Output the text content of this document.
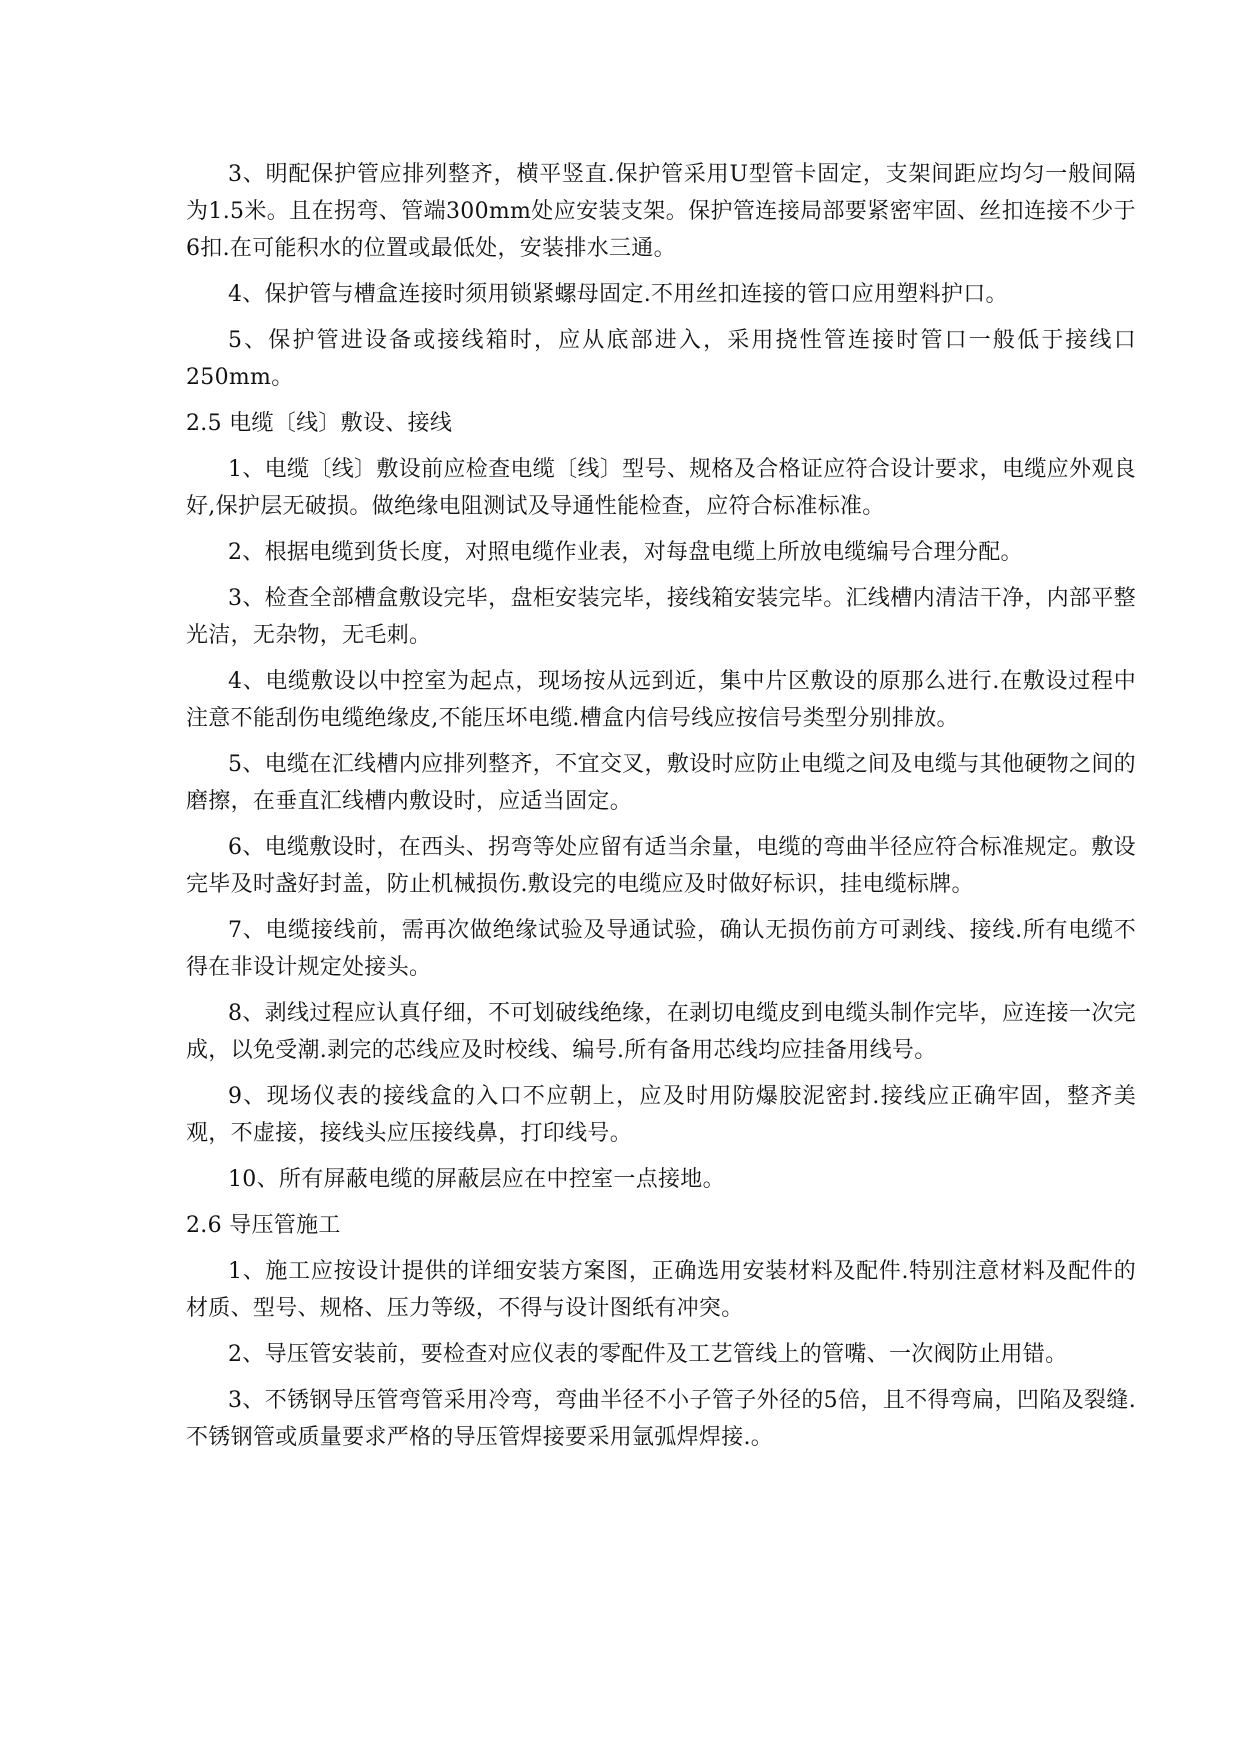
3、明配保护管应排列整齐，横平竖直.保护管采用U型管卡固定，支架间距应均匀一般间隔为1.5米。且在拐弯、管端300mm处应安装支架。保护管连接局部要紧密牢固、丝扣连接不少于6扣.在可能积水的位置或最低处，安装排水三通。

4、保护管与槽盒连接时须用锁紧螺母固定.不用丝扣连接的管口应用塑料护口。

5、保护管进设备或接线箱时，应从底部进入，采用挠性管连接时管口一般低于接线口250mm。

2.5 电缆〔线〕敷设、接线

1、电缆〔线〕敷设前应检查电缆〔线〕型号、规格及合格证应符合设计要求，电缆应外观良好,保护层无破损。做绝缘电阻测试及导通性能检查，应符合标准标准。

2、根据电缆到货长度，对照电缆作业表，对每盘电缆上所放电缆编号合理分配。

3、检查全部槽盒敷设完毕，盘柜安装完毕，接线箱安装完毕。汇线槽内清洁干净，内部平整光洁，无杂物，无毛刺。

4、电缆敷设以中控室为起点，现场按从远到近，集中片区敷设的原那么进行.在敷设过程中注意不能刮伤电缆绝缘皮,不能压坏电缆.槽盒内信号线应按信号类型分别排放。

5、电缆在汇线槽内应排列整齐，不宜交叉，敷设时应防止电缆之间及电缆与其他硬物之间的磨擦，在垂直汇线槽内敷设时，应适当固定。

6、电缆敷设时，在西头、拐弯等处应留有适当余量，电缆的弯曲半径应符合标准规定。敷设完毕及时盏好封盖，防止机械损伤.敷设完的电缆应及时做好标识，挂电缆标牌。

7、电缆接线前，需再次做绝缘试验及导通试验，确认无损伤前方可剥线、接线.所有电缆不得在非设计规定处接头。

8、剥线过程应认真仔细，不可划破线绝缘，在剥切电缆皮到电缆头制作完毕，应连接一次完成，以免受潮.剥完的芯线应及时校线、编号.所有备用芯线均应挂备用线号。

9、现场仪表的接线盒的入口不应朝上，应及时用防爆胶泥密封.接线应正确牢固，整齐美观，不虚接，接线头应压接线鼻，打印线号。

10、所有屏蔽电缆的屏蔽层应在中控室一点接地。

2.6 导压管施工

1、施工应按设计提供的详细安装方案图，正确选用安装材料及配件.特别注意材料及配件的材质、型号、规格、压力等级，不得与设计图纸有冲突。

2、导压管安装前，要检查对应仪表的零配件及工艺管线上的管嘴、一次阀防止用错。

3、不锈钢导压管弯管采用冷弯，弯曲半径不小子管子外径的5倍，且不得弯扁，凹陷及裂缝.不锈钢管或质量要求严格的导压管焊接要采用氩弧焊焊接.。
